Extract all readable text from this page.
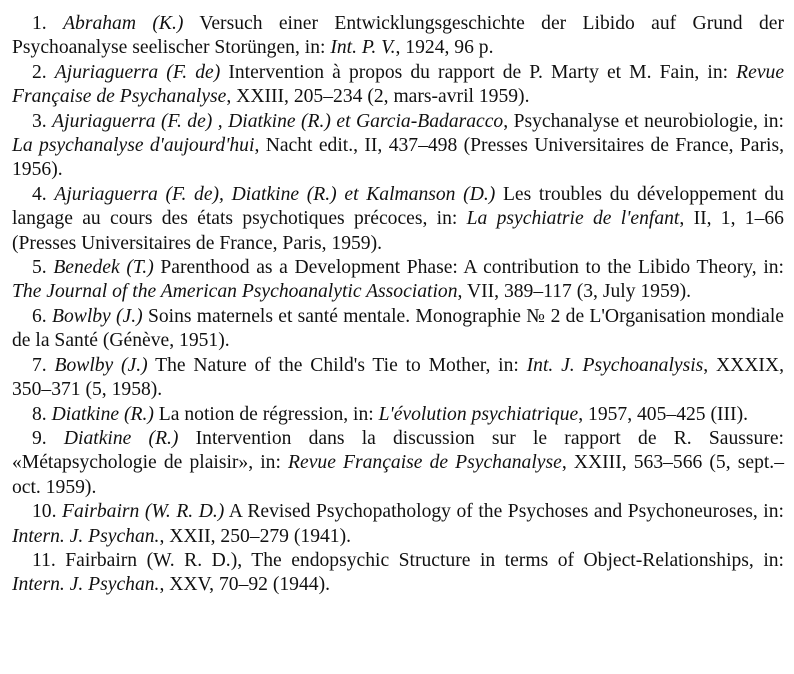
1. Abraham (K.) Versuch einer Entwicklungsgeschichte der Libido auf Grund der Psychoanalyse seelischer Storüngen, in: Int. P. V., 1924, 96 p.

2. Ajuriaguerra (F. de) Intervention à propos du rapport de P. Marty et M. Fain, in: Revue Française de Psychanalyse, XXIII, 205–234 (2, mars-avril 1959).

3. Ajuriaguerra (F. de) , Diatkine (R.) et Garcia-Badaracco, Psychanalyse et neurobiologie, in: La psychanalyse d'aujourd'hui, Nacht edit., II, 437–498 (Presses Universitaires de France, Paris, 1956).

4. Ajuriaguerra (F. de), Diatkine (R.) et Kalmanson (D.) Les troubles du développement du langage au cours des états psychotiques précoces, in: La psychiatrie de l'enfant, II, 1, 1–66 (Presses Universitaires de France, Paris, 1959).

5. Benedek (T.) Parenthood as a Development Phase: A contribution to the Libido Theory, in: The Journal of the American Psychoanalytic Association, VII, 389–117 (3, July 1959).

6. Bowlby (J.) Soins maternels et santé mentale. Monographie № 2 de L'Organisation mondiale de la Santé (Génève, 1951).

7. Bowlby (J.) The Nature of the Child's Tie to Mother, in: Int. J. Psychoanalysis, XXXIX, 350–371 (5, 1958).

8. Diatkine (R.) La notion de régression, in: L'évolution psychiatrique, 1957, 405–425 (III).

9. Diatkine (R.) Intervention dans la discussion sur le rapport de R. Saussure: «Métapsychologie de plaisir», in: Revue Française de Psychanalyse, XXIII, 563–566 (5, sept.–oct. 1959).

10. Fairbairn (W. R. D.) A Revised Psychopathology of the Psychoses and Psychoneuroses, in: Intern. J. Psychan., XXII, 250–279 (1941).

11. Fairbairn (W. R. D.), The endopsychic Structure in terms of Object-Relationships, in: Intern. J. Psychan., XXV, 70–92 (1944).
